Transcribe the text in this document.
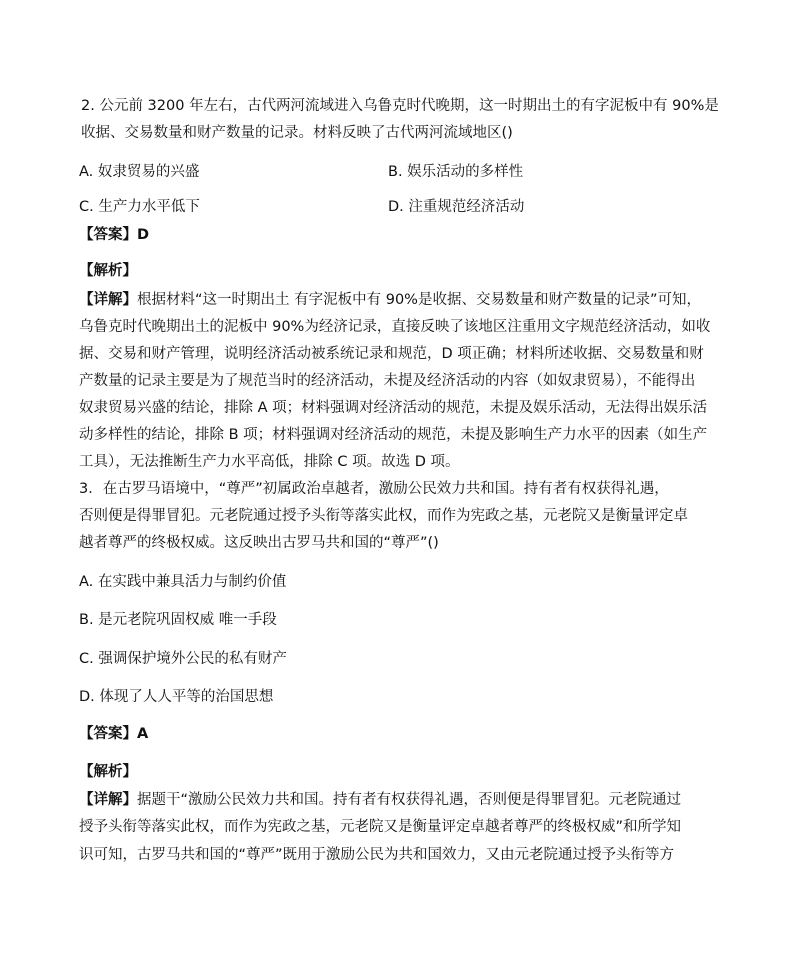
2. 公元前 3200 年左右，古代两河流域进入乌鲁克时代晚期，这一时期出土的有字泥板中有 90%是
收据、交易数量和财产数量的记录。材料反映了古代两河流域地区()
A. 奴隶贸易的兴盛	B. 娱乐活动的多样性
C. 生产力水平低下	D. 注重规范经济活动
【答案】D
【解析】
【详解】根据材料“这一时期出土 有字泥板中有 90%是收据、交易数量和财产数量的记录”可知，
乌鲁克时代晚期出土的泥板中 90%为经济记录，直接反映了该地区注重用文字规范经济活动，如收
据、交易和财产管理，说明经济活动被系统记录和规范，D 项正确；材料所述收据、交易数量和财
产数量的记录主要是为了规范当时的经济活动，未提及经济活动的内容（如奴隶贸易），不能得出
奴隶贸易兴盛的结论，排除 A 项；材料强调对经济活动的规范，未提及娱乐活动，无法得出娱乐活
动多样性的结论，排除 B 项；材料强调对经济活动的规范，未提及影响生产力水平的因素（如生产
工具），无法推断生产力水平高低，排除 C 项。故选 D 项。
3．在古罗马语境中，“尊严”初属政治卓越者，激励公民效力共和国。持有者有权获得礼遇，
否则便是得罪冒犯。元老院通过授予头衔等落实此权，而作为宪政之基，元老院又是衡量评定卓
越者尊严的终极权威。这反映出古罗马共和国的“尊严”()
A. 在实践中兼具活力与制约价值
B. 是元老院巩固权威 唯一手段
C. 强调保护境外公民的私有财产
D. 体现了人人平等的治国思想
【答案】A
【解析】
【详解】据题干“激励公民效力共和国。持有者有权获得礼遇，否则便是得罪冒犯。元老院通过
授予头衔等落实此权，而作为宪政之基，元老院又是衡量评定卓越者尊严的终极权威”和所学知
识可知，古罗马共和国的“尊严”既用于激励公民为共和国效力，又由元老院通过授予头衔等方
